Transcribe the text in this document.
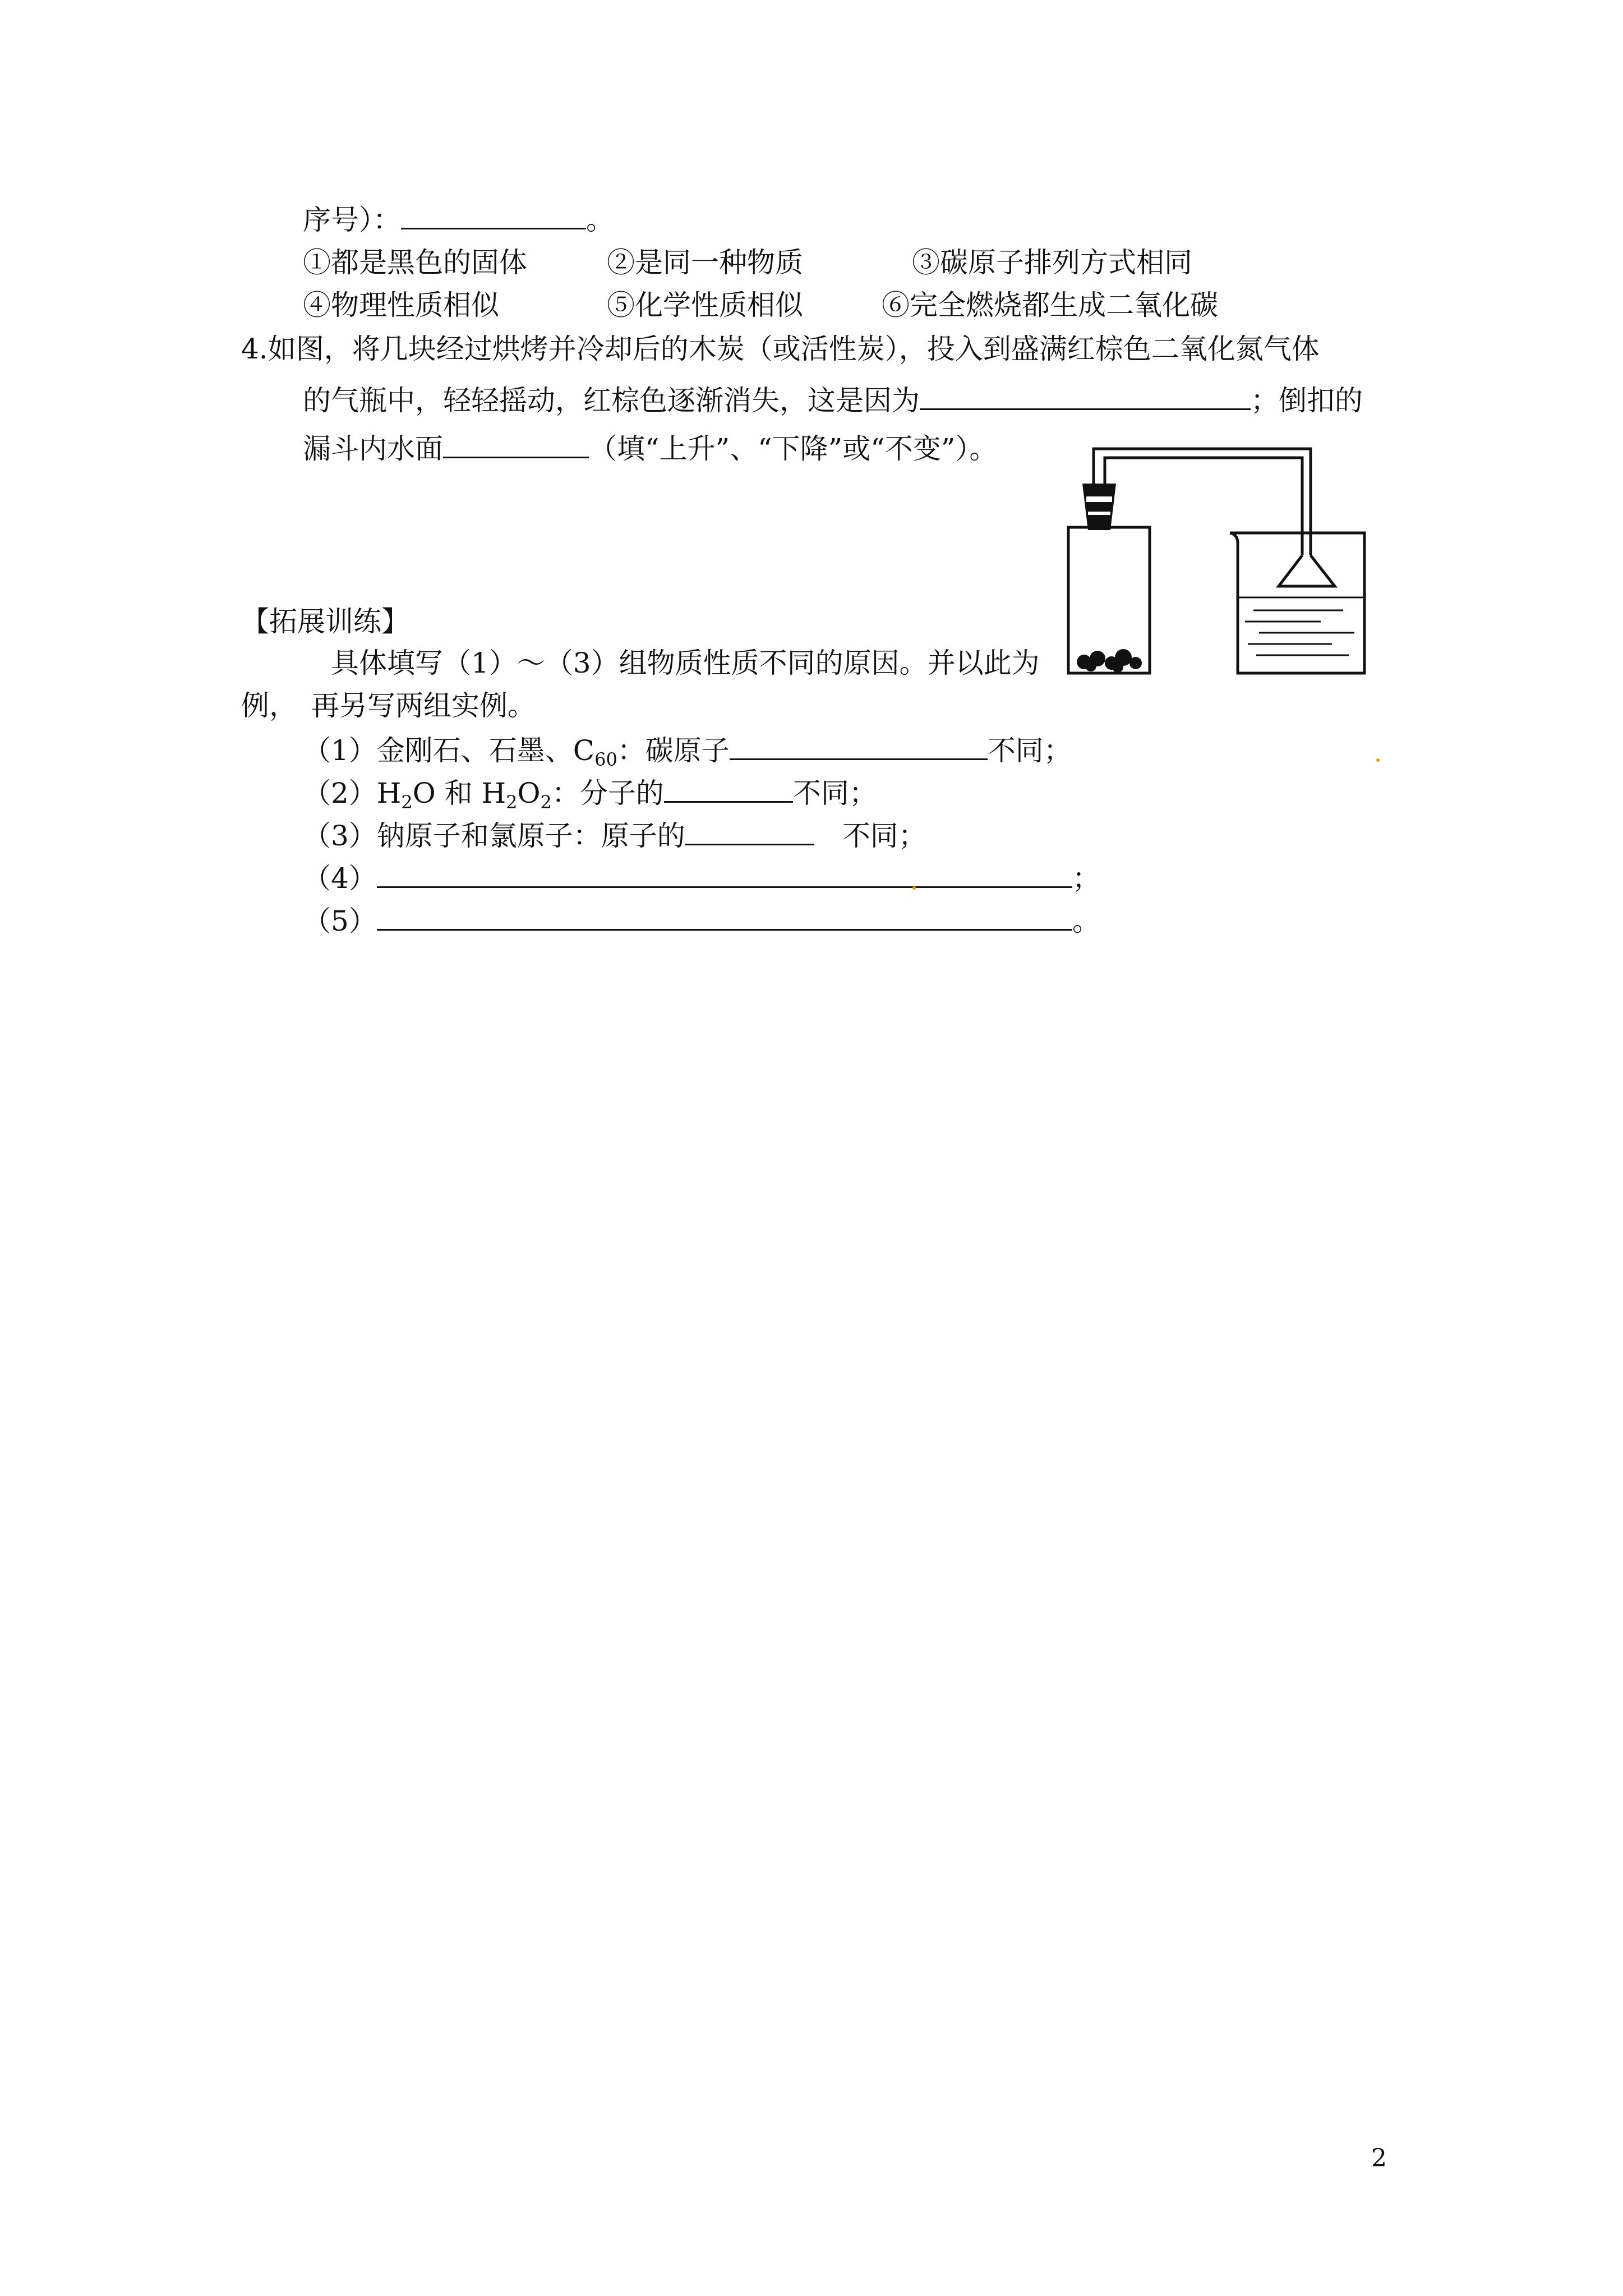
序号）：	。
①都是黑色的固体	②是同一种物质	③碳原子排列方式相同
④物理性质相似	⑤化学性质相似	⑥完全燃烧都生成二氧化碳
4.如图，将几块经过烘烤并冷却后的木炭（或活性炭），投入到盛满红棕色二氧化氮气体
的气瓶中，轻轻摇动，红棕色逐渐消失，这是因为	；倒扣的
漏斗内水面	（填“上升”、“下降”或“不变”）。
【拓展训练】
具体填写（1）～（3）组物质性质不同的原因。并以此为
例，　再另写两组实例。
（1）金刚石、石墨、$C_{60}$：碳原子	不同；
$(2)H_2O$ 和 $H_2O_2$：分子的	不同；
（3）钠原子和氯原子：原子的　	不同；
（4）	；
（5）	。
2
